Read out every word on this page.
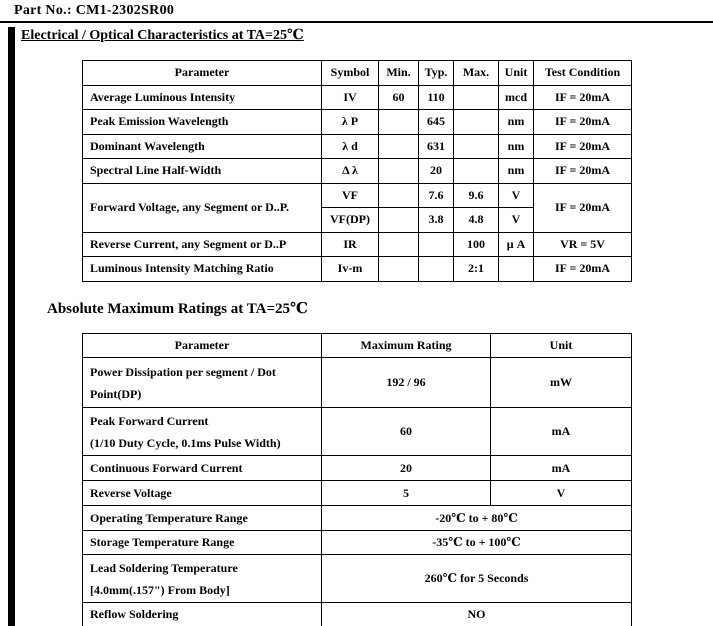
Part No.: CM1-2302SR00
Electrical / Optical Characteristics at TA=25℃
Parameter	Symbol	Min.	Typ.	Max.	Unit	Test Condition
Average Luminous Intensity	IV	60	110		mcd	IF = 20mA
Peak Emission Wavelength	λ P		645		nm	IF = 20mA
Dominant Wavelength	λ d		631		nm	IF = 20mA
Spectral Line Half-Width	Δ λ		20		nm	IF = 20mA
Forward Voltage, any Segment or D..P.	VF		7.6	9.6	V	IF = 20mA
	VF(DP)		3.8	4.8	V	
Reverse Current, any Segment or D..P	IR			100	μ A	VR = 5V
Luminous Intensity Matching Ratio	Iv-m			2:1		IF = 20mA
Absolute Maximum Ratings at TA=25℃
Parameter	Maximum Rating	Unit

Power Dissipation per segment / Dot
Point(DP)	192 / 96	mW

Peak Forward Current
(1/10 Duty Cycle, 0.1ms Pulse Width)	60	mA
Continuous Forward Current	20	mA
Reverse Voltage	5	V
Operating Temperature Range	-20℃ to + 80℃	
Storage Temperature Range	-35℃ to + 100℃	

Lead Soldering Temperature
[4.0mm(.157") From Body]	260℃ for 5 Seconds	
Reflow Soldering	NO	
